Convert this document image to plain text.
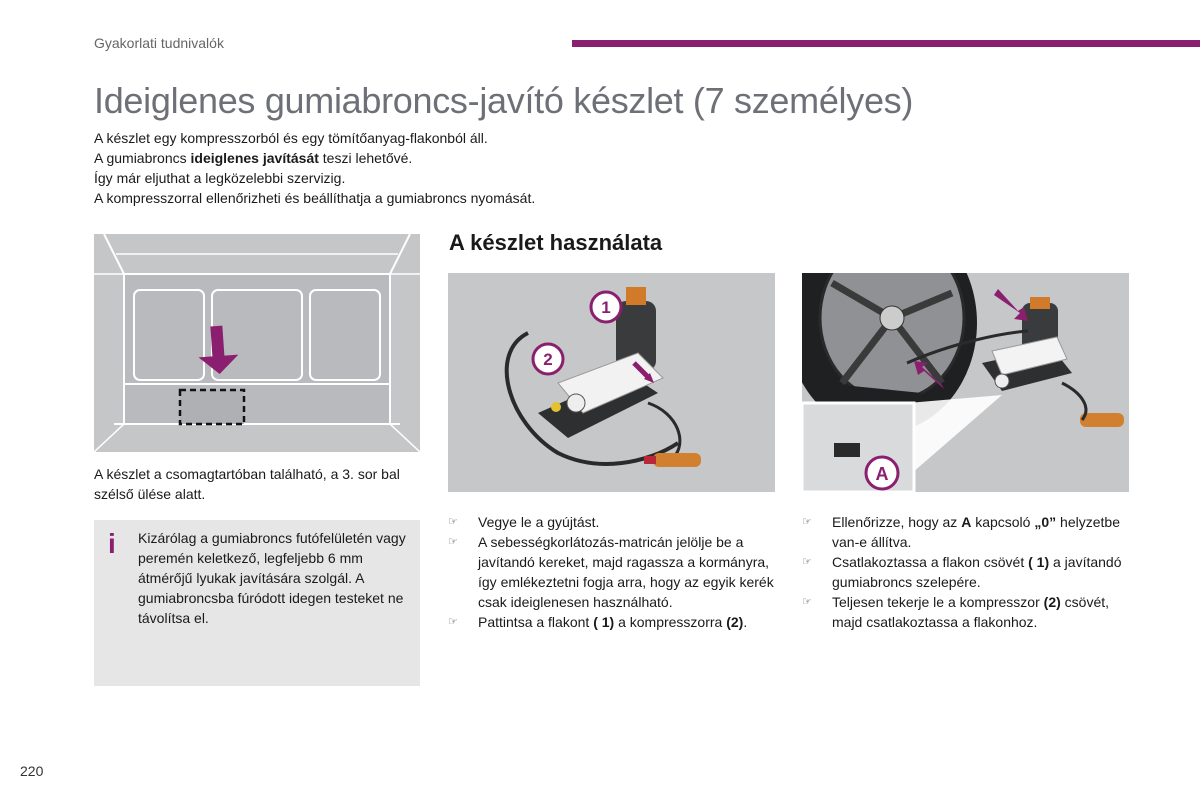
Gyakorlati tudnivalók
Ideiglenes gumiabroncs-javító készlet (7 személyes)

A készlet egy kompresszorból és egy tömítőanyag-flakonból áll.

A gumiabroncs ideiglenes javítását teszi lehetővé.

Így már eljuthat a legközelebbi szervizig.

A kompresszorral ellenőrizheti és beállíthatja a gumiabroncs nyomását.

A készlet a csomagtartóban található, a 3. sor bal szélső ülése alatt.
i Kizárólag a gumiabroncs futófelületén vagy peremén keletkező, legfeljebb 6 mm átmérőjű lyukak javítására szolgál. A gumiabroncsba fúródott idegen testeket ne távolítsa el.
A készlet használata
1
2
A
☞	Vegye le a gyújtást.
☞	A sebességkorlátozás-matricán jelölje be a javítandó kereket, majd ragassza a kormányra, így emlékeztetni fogja arra, hogy az egyik kerék csak ideiglenesen használható.
☞	Pattintsa a flakont ( 1) a kompresszorra (2).
☞	Ellenőrizze, hogy az A kapcsoló „0” helyzetbe van-e állítva.
☞	Csatlakoztassa a flakon csövét ( 1) a javítandó gumiabroncs szelepére.
☞	Teljesen tekerje le a kompresszor (2) csövét, majd csatlakoztassa a flakonhoz.
220
